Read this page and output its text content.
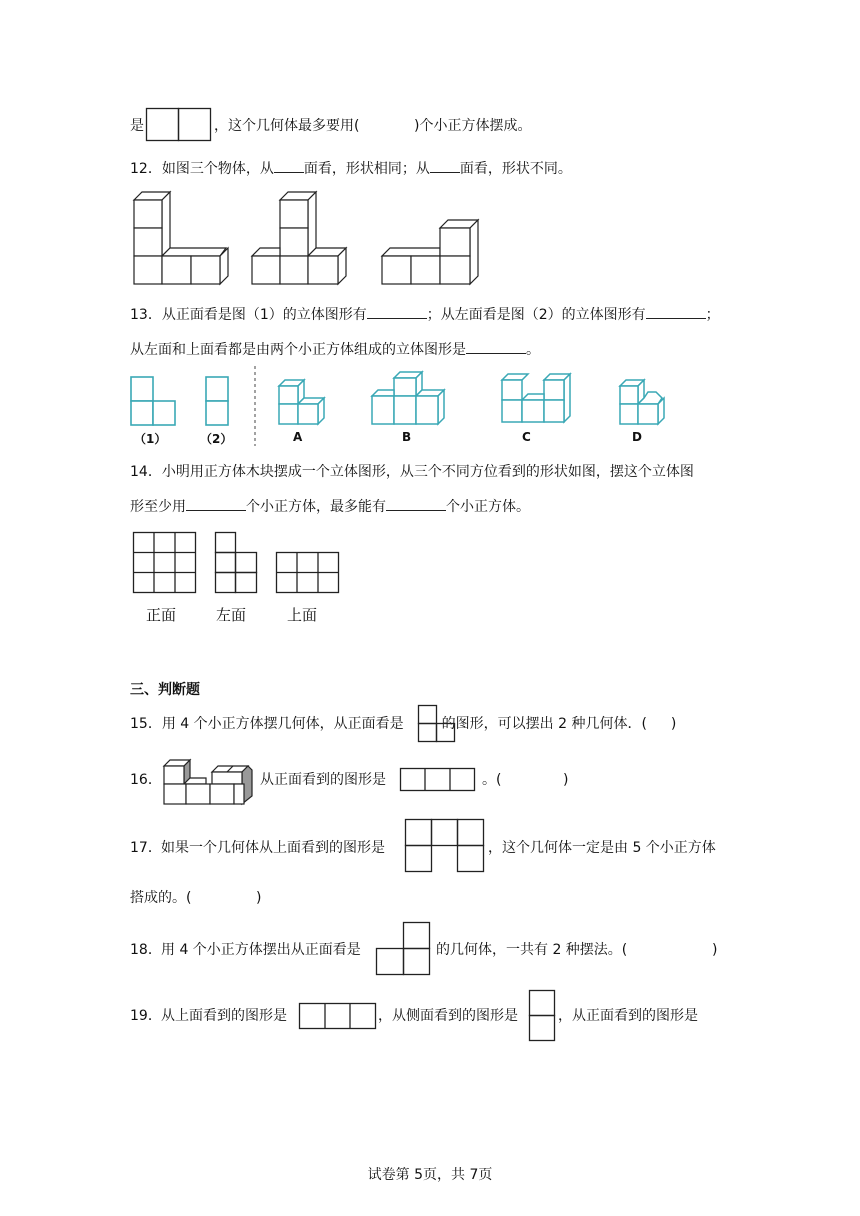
是	，这个几何体最多要用(	)个小正方体摆成。
12．如图三个物体，从 面看，形状相同；从 面看，形状不同。
13．从正面看是图（1）的立体图形有	；从左面看是图（2）的立体图形有	；
从左面和上面看都是由两个小正方体组成的立体图形是	。
（1）	（2）	A	B	C	D
14．小明用正方体木块摆成一个立体图形，从三个不同方位看到的形状如图，摆这个立体图
形至少用	个小正方体，最多能有	个小正方体。
正面	左面	上面
三、判断题
15．用 4 个小正方体摆几何体，从正面看是	的图形，可以摆出 2 种几何体．( )
16．	从正面看到的图形是	。(	)
17． 如果一个几何体从上面看到的图形是	，这个几何体一定是由 5 个小正方体
搭成的。(	)
18． 用 4 个小正方体摆出从正面看是	的几何体，一共有 2 种摆法。(	)
19． 从上面看到的图形是	，从侧面看到的图形是	，从正面看到的图形是
试卷第 5页，共 7页
